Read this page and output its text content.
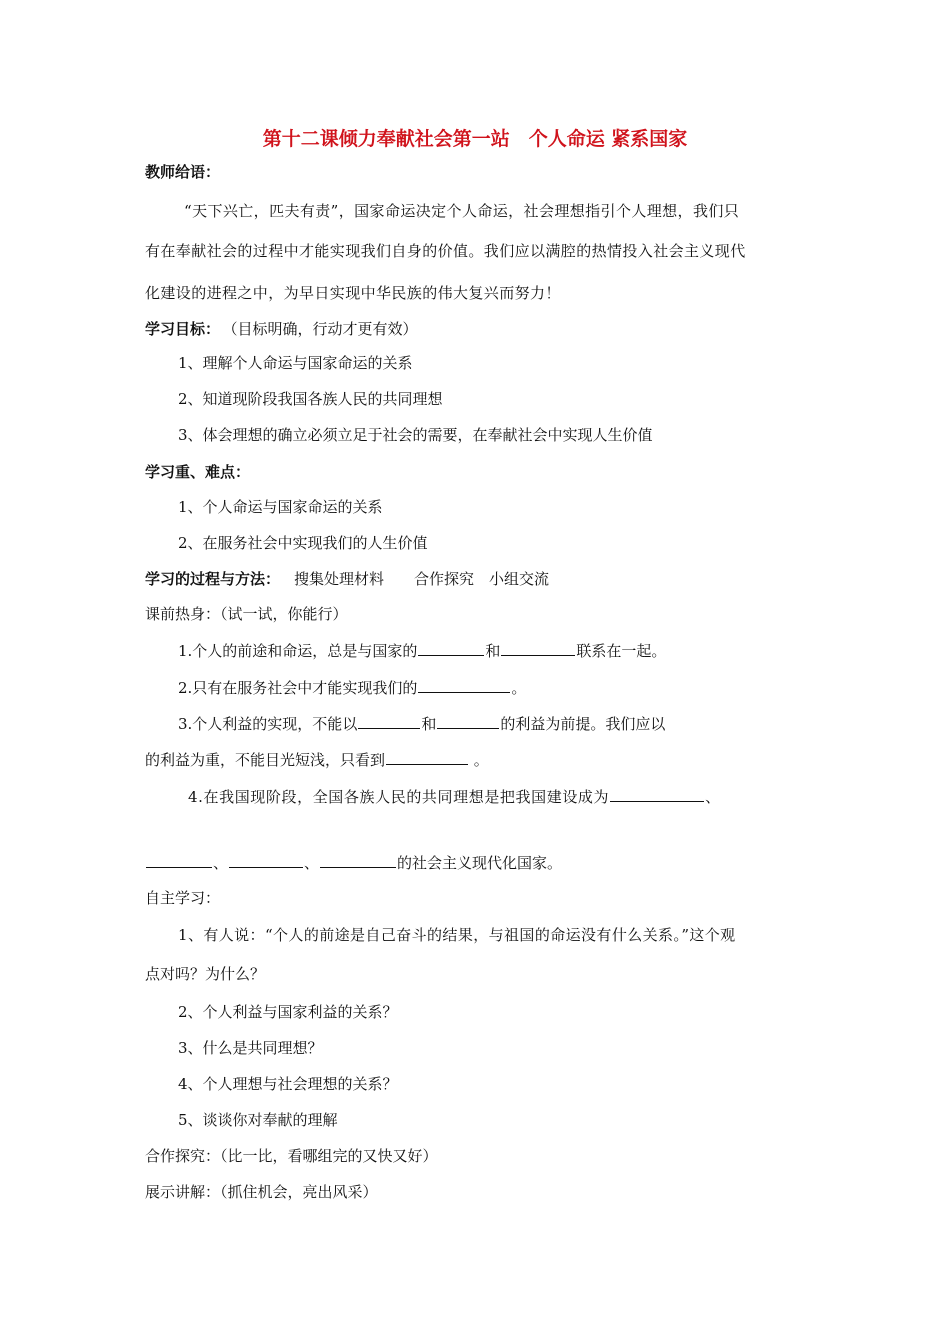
第十二课倾力奉献社会第一站　个人命运 紧系国家
教师给语：
“天下兴亡，匹夫有责”，国家命运决定个人命运，社会理想指引个人理想，我们只
有在奉献社会的过程中才能实现我们自身的价值。我们应以满腔的热情投入社会主义现代
化建设的进程之中，为早日实现中华民族的伟大复兴而努力！
学习目标： （目标明确，行动才更有效）
1、理解个人命运与国家命运的关系
2、知道现阶段我国各族人民的共同理想
3、体会理想的确立必须立足于社会的需要，在奉献社会中实现人生价值
学习重、难点：
1、个人命运与国家命运的关系
2、在服务社会中实现我们的人生价值
学习的过程与方法： 搜集处理材料　　合作探究　小组交流
课前热身：（试一试，你能行）
1.个人的前途和命运，总是与国家的	和	联系在一起。
2.只有在服务社会中才能实现我们的	。
3.个人利益的实现，不能以	和	的利益为前提。我们应以
的利益为重，不能目光短浅，只看到	。
4.在我国现阶段，全国各族人民的共同理想是把我国建设成为	、
、	、	的社会主义现代化国家。
自主学习：
1、有人说：“个人的前途是自己奋斗的结果，与祖国的命运没有什么关系。”这个观
点对吗？为什么？
2、个人利益与国家利益的关系？
3、什么是共同理想？
4、个人理想与社会理想的关系？
5、谈谈你对奉献的理解
合作探究：（比一比，看哪组完的又快又好）
展示讲解：（抓住机会，亮出风采）
